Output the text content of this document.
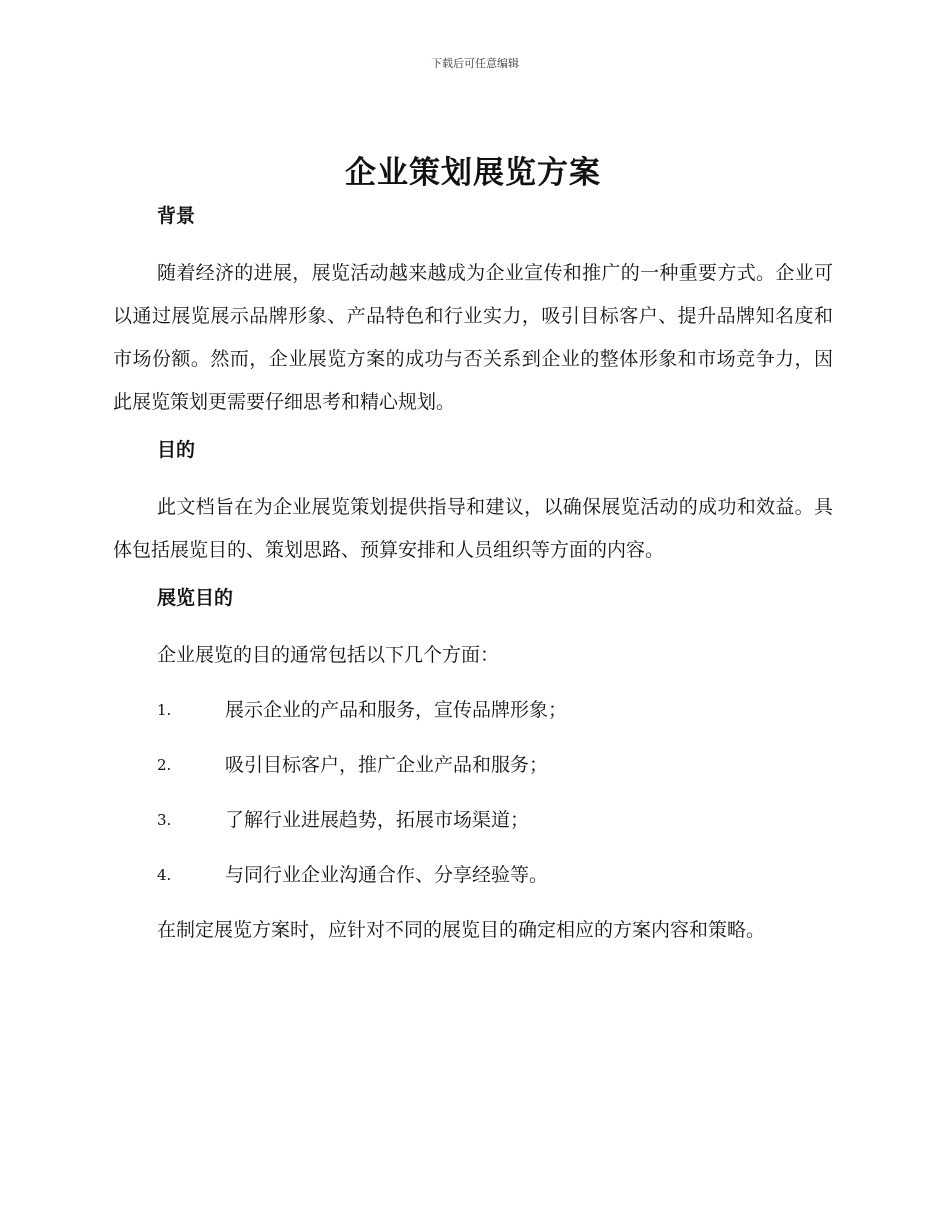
下载后可任意编辑
企业策划展览方案
背景

随着经济的进展，展览活动越来越成为企业宣传和推广的一种重要方式。企业可以通过展览展示品牌形象、产品特色和行业实力，吸引目标客户、提升品牌知名度和市场份额。然而，企业展览方案的成功与否关系到企业的整体形象和市场竞争力，因此展览策划更需要仔细思考和精心规划。

目的

此文档旨在为企业展览策划提供指导和建议，以确保展览活动的成功和效益。具体包括展览目的、策划思路、预算安排和人员组织等方面的内容。

展览目的

企业展览的目的通常包括以下几个方面：

1.	展示企业的产品和服务，宣传品牌形象；
2.	吸引目标客户，推广企业产品和服务；
3.	了解行业进展趋势，拓展市场渠道；
4.	与同行业企业沟通合作、分享经验等。

在制定展览方案时，应针对不同的展览目的确定相应的方案内容和策略。
